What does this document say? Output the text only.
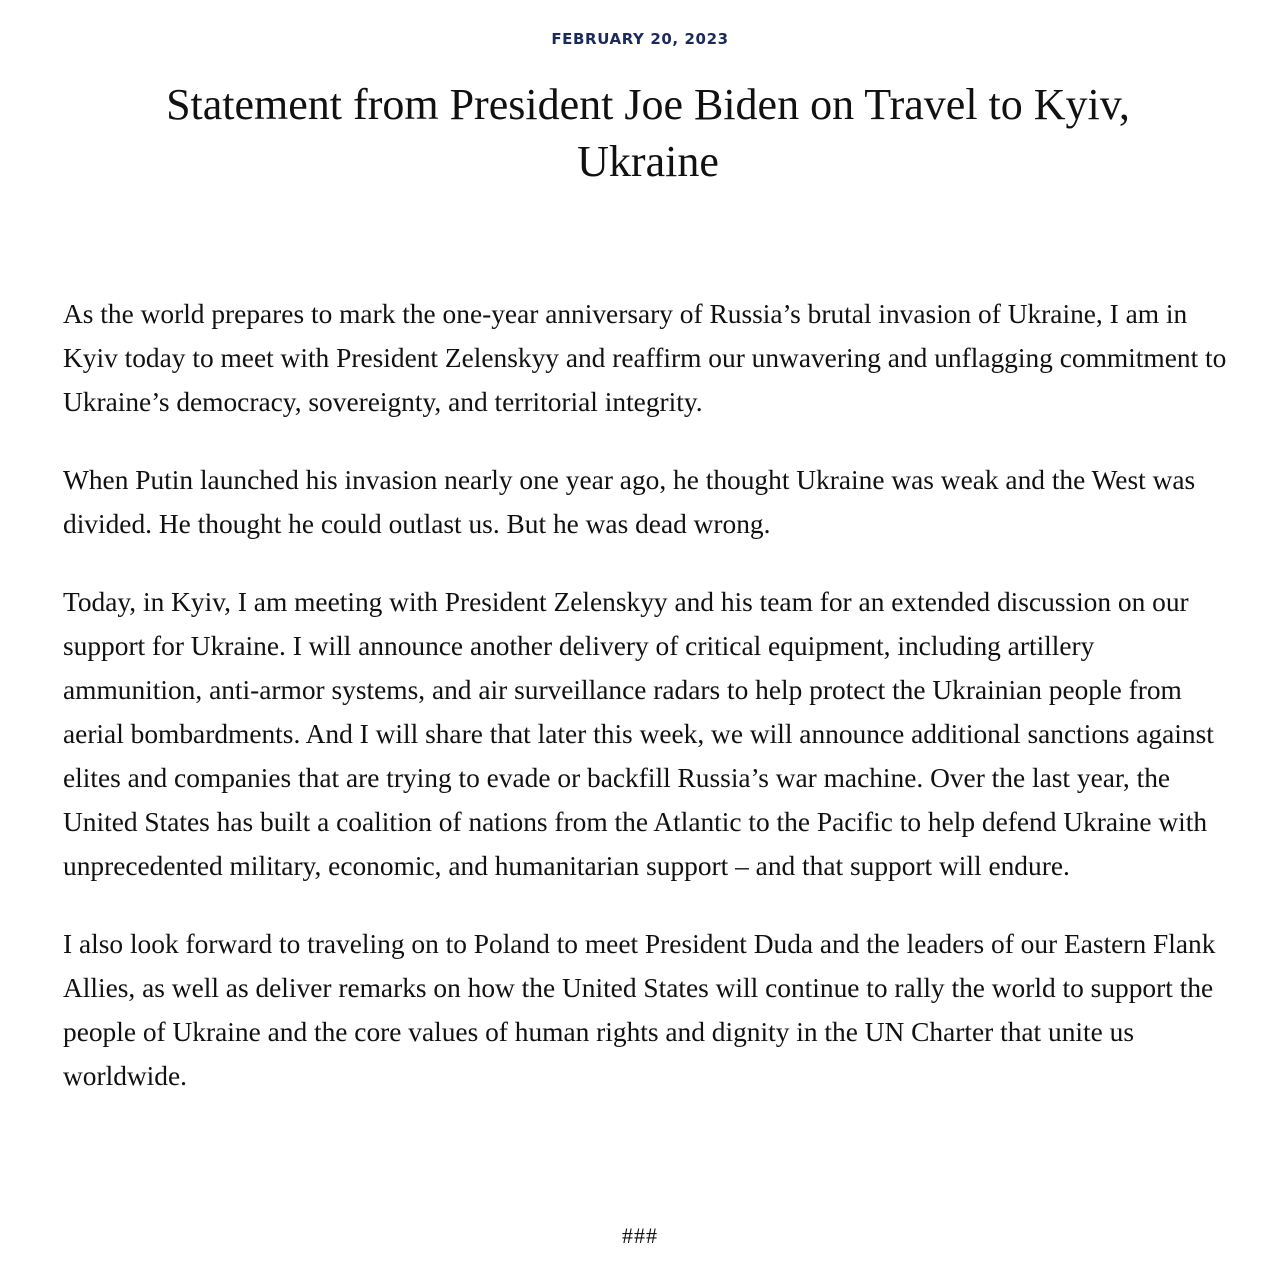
FEBRUARY 20, 2023
Statement from President Joe Biden on Travel to Kyiv, Ukraine

As the world prepares to mark the one-year anniversary of Russia’s brutal invasion of Ukraine, I am in Kyiv today to meet with President Zelenskyy and reaffirm our unwavering and unflagging commitment to Ukraine’s democracy, sovereignty, and territorial integrity.

When Putin launched his invasion nearly one year ago, he thought Ukraine was weak and the West was divided. He thought he could outlast us. But he was dead wrong.

Today, in Kyiv, I am meeting with President Zelenskyy and his team for an extended discussion on our support for Ukraine. I will announce another delivery of critical equipment, including artillery ammunition, anti-armor systems, and air surveillance radars to help protect the Ukrainian people from aerial bombardments. And I will share that later this week, we will announce additional sanctions against elites and companies that are trying to evade or backfill Russia’s war machine. Over the last year, the United States has built a coalition of nations from the Atlantic to the Pacific to help defend Ukraine with unprecedented military, economic, and humanitarian support – and that support will endure.

I also look forward to traveling on to Poland to meet President Duda and the leaders of our Eastern Flank Allies, as well as deliver remarks on how the United States will continue to rally the world to support the people of Ukraine and the core values of human rights and dignity in the UN Charter that unite us worldwide.

###
